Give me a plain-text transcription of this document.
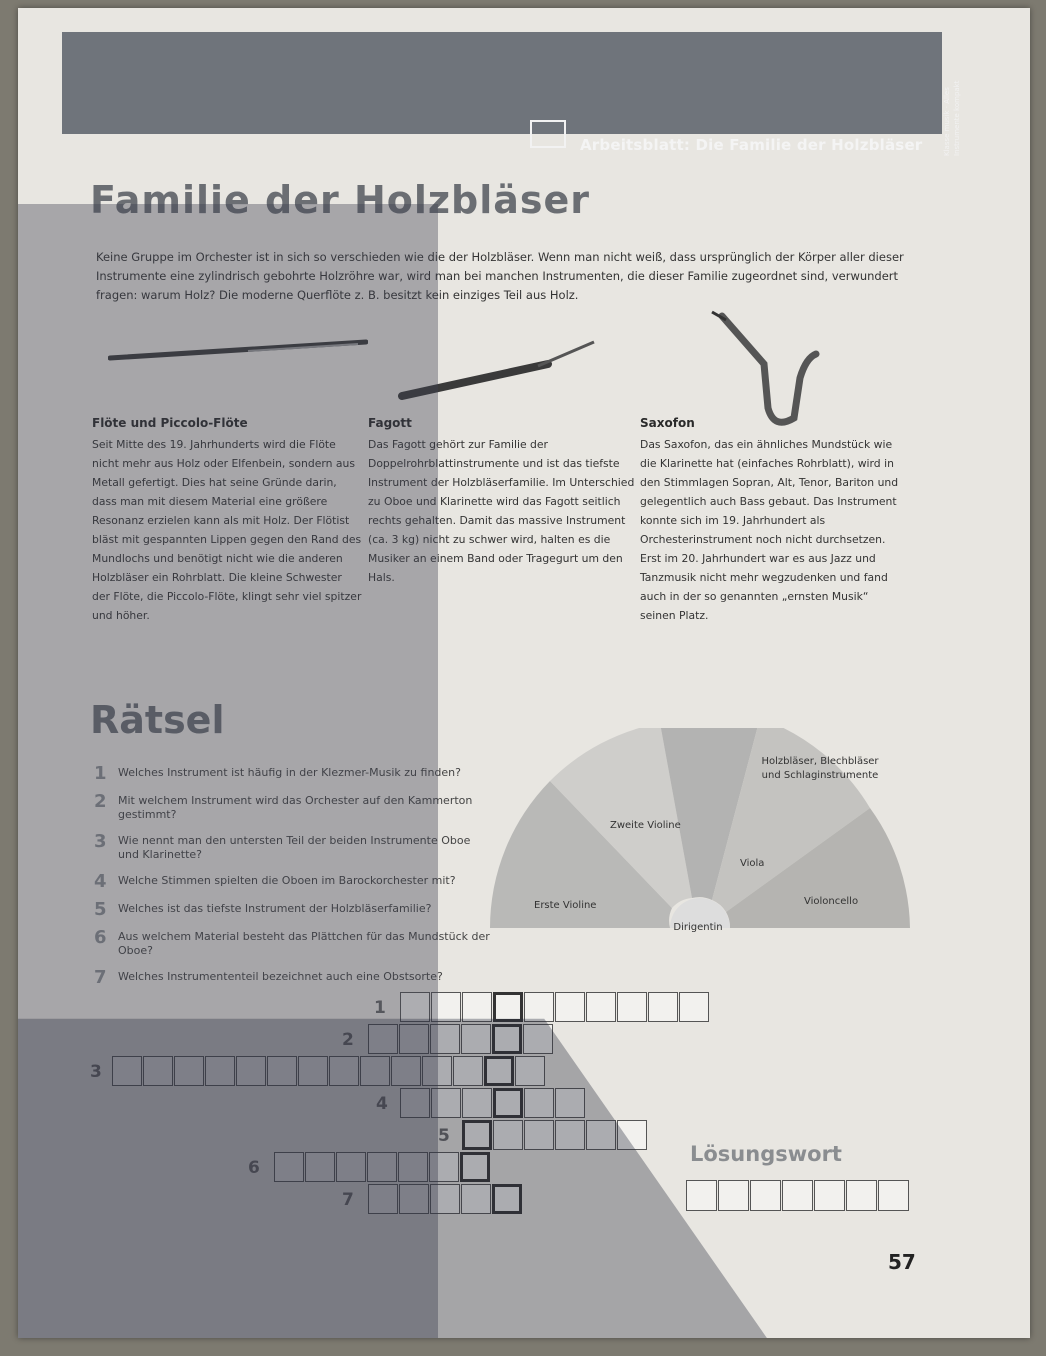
Arbeitsblatt: Die Familie der Holzbläser	Klasse musik · Alles Instrumente kompakt
Familie der Holzbläser
Keine Gruppe im Orchester ist in sich so verschieden wie die der Holzbläser. Wenn man nicht weiß, dass ursprünglich der Körper aller dieser Instrumente eine zylindrisch gebohrte Holzröhre war, wird man bei manchen Instrumenten, die dieser Familie zugeordnet sind, verwundert fragen: warum Holz? Die moderne Querflöte z. B. besitzt kein einziges Teil aus Holz.
Flöte und Piccolo-Flöte
Seit Mitte des 19. Jahrhunderts wird die Flöte nicht mehr aus Holz oder Elfenbein, sondern aus Metall gefertigt. Dies hat seine Gründe darin, dass man mit diesem Material eine größere Resonanz erzielen kann als mit Holz. Der Flötist bläst mit gespannten Lippen gegen den Rand des Mundlochs und benötigt nicht wie die anderen Holzbläser ein Rohrblatt. Die kleine Schwester der Flöte, die Piccolo-Flöte, klingt sehr viel spitzer und höher.
Fagott
Das Fagott gehört zur Familie der Doppelrohrblattinstrumente und ist das tiefste Instrument der Holzbläserfamilie. Im Unterschied zu Oboe und Klarinette wird das Fagott seitlich rechts gehalten. Damit das massive Instrument (ca. 3 kg) nicht zu schwer wird, halten es die Musiker an einem Band oder Tragegurt um den Hals.
Saxofon
Das Saxofon, das ein ähnliches Mundstück wie die Klarinette hat (einfaches Rohrblatt), wird in den Stimmlagen Sopran, Alt, Tenor, Bariton und gelegentlich auch Bass gebaut. Das Instrument konnte sich im 19. Jahrhundert als Orchesterinstrument noch nicht durchsetzen. Erst im 20. Jahrhundert war es aus Jazz und Tanzmusik nicht mehr wegzudenken und fand auch in der so genannten „ernsten Musik“ seinen Platz.
Rätsel
1	Welches Instrument ist häufig in der Klezmer-Musik zu finden?
2	Mit welchem Instrument wird das Orchester auf den Kammerton gestimmt?
3	Wie nennt man den untersten Teil der beiden Instrumente Oboe und Klarinette?
4	Welche Stimmen spielten die Oboen im Barockorchester mit?
5	Welches ist das tiefste Instrument der Holzbläserfamilie?
6	Aus welchem Material besteht das Plättchen für das Mundstück der Oboe?
7	Welches Instrumententeil bezeichnet auch eine Obstsorte?
Holzbläser, Blechbläser
und Schlaginstrumente
Zweite Violine
Viola
Erste Violine	Violoncello
Dirigentin
1
2
3
4
5
6
7
Lösungswort
57
